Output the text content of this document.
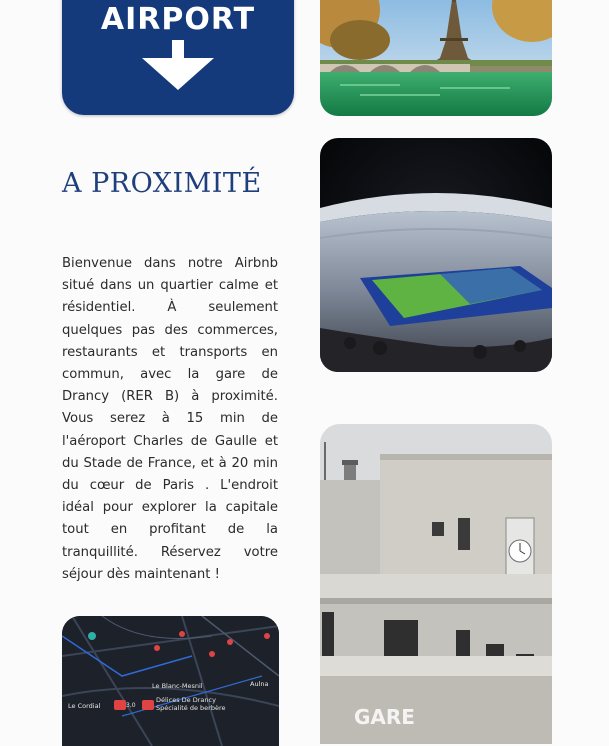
AIRPORT
A PROXIMITÉ
Bienvenue dans notre Airbnb situé dans un quartier calme et résidentiel. À seulement quelques pas des commerces, restaurants et transports en commun, avec la gare de Drancy (RER B) à proximité. Vous serez à 15 min de l'aéroport Charles de Gaulle et du Stade de France, et à 20 min du cœur de Paris . L'endroit idéal pour explorer la capitale tout en profitant de la tranquillité. Réservez votre séjour dès maintenant !
GARE
Le Blanc-Mesnil	Aulna
Le Cordial	3,0
Délices De Drancy
Spécialité de berbère
